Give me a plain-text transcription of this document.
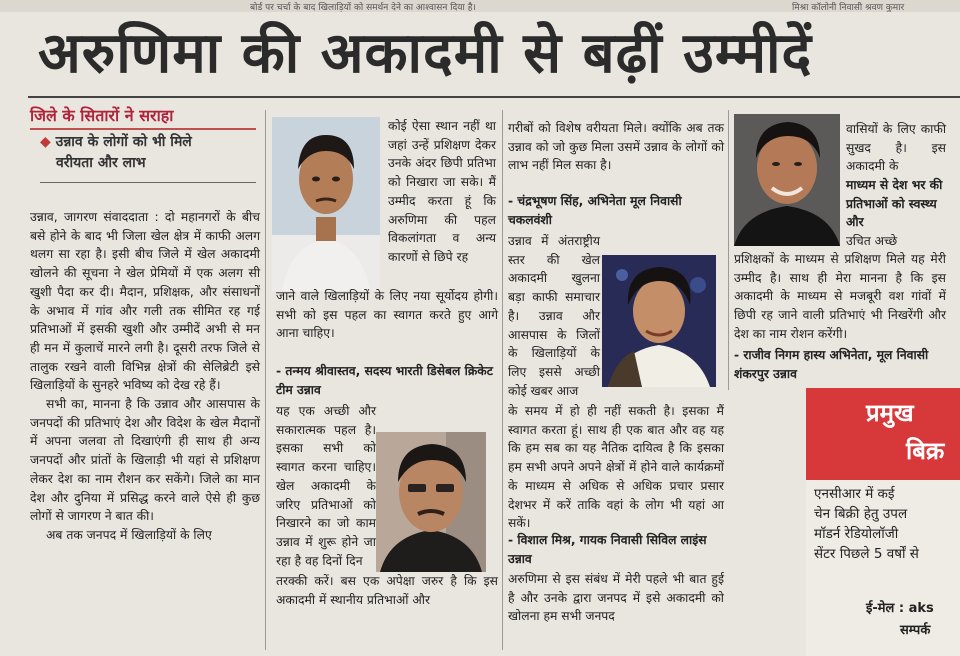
बोर्ड पर चर्चा के बाद खिलाड़ियों को समर्थन देने का आश्वासन दिया है।	मिश्रा कॉलोनी निवासी श्रवण कुमार
अरुणिमा की अकादमी से बढ़ीं उम्मीदें
जिले के सितारों ने सराहा
◆ उन्नाव के लोगों को भी मिले
वरीयता और लाभ

उन्नाव, जागरण संवाददाता : दो महानगरों के बीच बसे होने के बाद भी जिला खेल क्षेत्र में काफी अलग थलग सा रहा है। इसी बीच जिले में खेल अकादमी खोलने की सूचना ने खेल प्रेमियों में एक अलग सी खुशी पैदा कर दी। मैदान, प्रशिक्षक, और संसाधनों के अभाव में गांव और गली तक सीमित रह गई प्रतिभाओं में इसकी खुशी और उम्मीदें अभी से मन ही मन में कुलाचें मारने लगी है। दूसरी तरफ जिले से तालुक रखने वाली विभिन्न क्षेत्रों की सेलिब्रेटी इसे खिलाड़ियों के सुनहरे भविष्य को देख रहे हैं।

सभी का, मानना है कि उन्नाव और आसपास के जनपदों की प्रतिभाएं देश और विदेश के खेल मैदानों में अपना जलवा तो दिखाएंगी ही साथ ही अन्य जनपदों और प्रांतों के खिलाड़ी भी यहां से प्रशिक्षण लेकर देश का नाम रौशन कर सकेंगे। जिले का मान देश और दुनिया में प्रसिद्ध करने वाले ऐसे ही कुछ लोगों से जागरण ने बात की।

अब तक जनपद में खिलाड़ियों के लिए

कोई ऐसा स्थान नहीं था जहां उन्हें प्रशिक्षण देकर उनके अंदर छिपी प्रतिभा को निखारा जा सके। मैं उम्मीद करता हूं कि अरुणिमा की पहल विकलांगता व अन्य कारणों से छिपे रह
जाने वाले खिलाड़ियों के लिए नया सूर्योदय होगी। सभी को इस पहल का स्वागत करते हुए आगे आना चाहिए।
- तन्मय श्रीवास्तव, सदस्य भारती डिसेबल क्रिकेट टीम उन्नाव
यह एक अच्छी और सकारात्मक पहल है। इसका सभी को स्वागत करना चाहिए। खेल अकादमी के जरिए प्रतिभाओं को निखारने का जो काम उन्नाव में शुरू होने जा रहा है वह दिनों दिन
तरक्की करें। बस एक अपेक्षा जरुर है कि इस अकादमी में स्थानीय प्रतिभाओं और
गरीबों को विशेष वरीयता मिले। क्योंकि अब तक उन्नाव को जो कुछ मिला उसमें उन्नाव के लोगों को लाभ नहीं मिल सका है।
- चंद्रभूषण सिंह, अभिनेता मूल निवासी चकलवंशी
उन्नाव में अंतराष्ट्रीय स्तर की खेल अकादमी खुलना बड़ा काफी समाचार है। उन्नाव और आसपास के जिलों के खिलाड़ियों के लिए इससे अच्छी कोई खबर आज
के समय में हो ही नहीं सकती है। इसका मैं स्वागत करता हूं। साथ ही एक बात और वह यह कि हम सब का यह नैतिक दायित्व है कि इसका हम सभी अपने अपने क्षेत्रों में होने वाले कार्यक्रमों के माध्यम से अधिक से अधिक प्रचार प्रसार देशभर में करें ताकि वहां के लोग भी यहां आ सकें।
- विशाल मिश्र, गायक निवासी सिविल लाइंस उन्नाव
अरुणिमा से इस संबंध में मेरी पहले भी बात हुई है और उनके द्वारा जनपद में इसे अकादमी को खोलना हम सभी जनपद
वासियों के लिए काफी सुखद है। इस अकादमी के
माध्यम से देश भर की प्रतिभाओं को स्वस्थ्य और
उचित अच्छे
प्रशिक्षकों के माध्यम से प्रशिक्षण मिले यह मेरी उम्मीद है। साथ ही मेरा मानना है कि इस अकादमी के माध्यम से मजबूरी वश गांवों में छिपी रह जाने वाली प्रतिभाएं भी निखरेंगी और देश का नाम रोशन करेंगी।
- राजीव निगम हास्य अभिनेता, मूल निवासी शंकरपुर उन्नाव
प्रमुख
बिक्र
एनसीआर में कई
चेन बिक्री हेतु उपल
मॉडर्न रेडियोलॉजी
सेंटर पिछले 5 वर्षों से
ई-मेल : aks
सम्पर्क
